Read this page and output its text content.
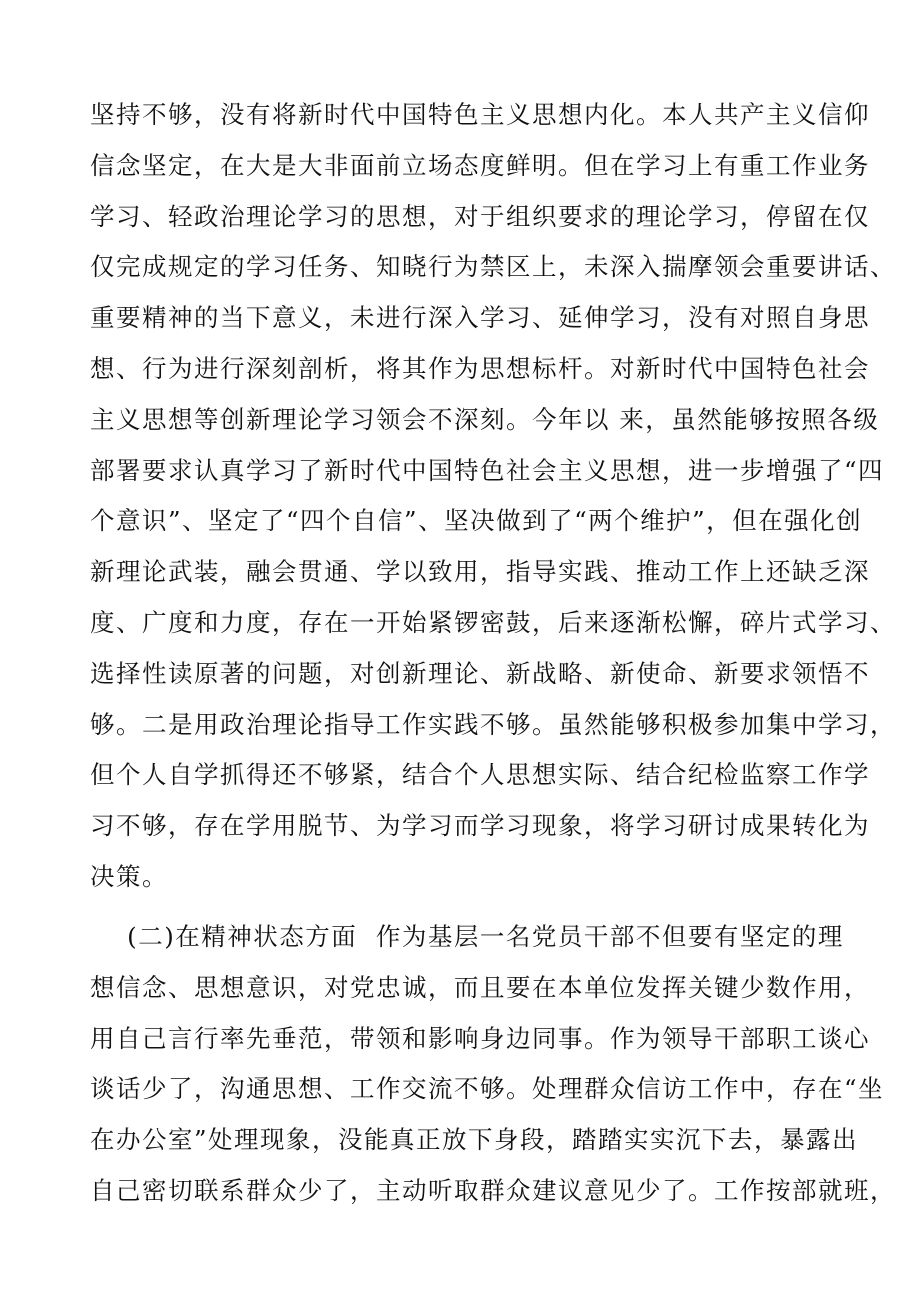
坚持不够，没有将新时代中国特色主义思想内化。本人共产主义信仰
信念坚定，在大是大非面前立场态度鲜明。但在学习上有重工作业务
学习、轻政治理论学习的思想，对于组织要求的理论学习，停留在仅
仅完成规定的学习任务、知晓行为禁区上，未深入揣摩领会重要讲话、
重要精神的当下意义，未进行深入学习、延伸学习，没有对照自身思
想、行为进行深刻剖析，将其作为思想标杆。对新时代中国特色社会
主义思想等创新理论学习领会不深刻。今年以 来，虽然能够按照各级
部署要求认真学习了新时代中国特色社会主义思想，进一步增强了“四
个意识”、坚定了“四个自信”、坚决做到了“两个维护”，但在强化创
新理论武装，融会贯通、学以致用，指导实践、推动工作上还缺乏深
度、广度和力度，存在一开始紧锣密鼓，后来逐渐松懈，碎片式学习、
选择性读原著的问题，对创新理论、新战略、新使命、新要求领悟不
够。二是用政治理论指导工作实践不够。虽然能够积极参加集中学习，
但个人自学抓得还不够紧，结合个人思想实际、结合纪检监察工作学
习不够，存在学用脱节、为学习而学习现象，将学习研讨成果转化为
决策。

(二)在精神状态方面  作为基层一名党员干部不但要有坚定的理
想信念、思想意识，对党忠诚，而且要在本单位发挥关键少数作用，
用自己言行率先垂范，带领和影响身边同事。作为领导干部职工谈心
谈话少了，沟通思想、工作交流不够。处理群众信访工作中，存在“坐
在办公室”处理现象，没能真正放下身段，踏踏实实沉下去，暴露出
自己密切联系群众少了，主动听取群众建议意见少了。工作按部就班，
